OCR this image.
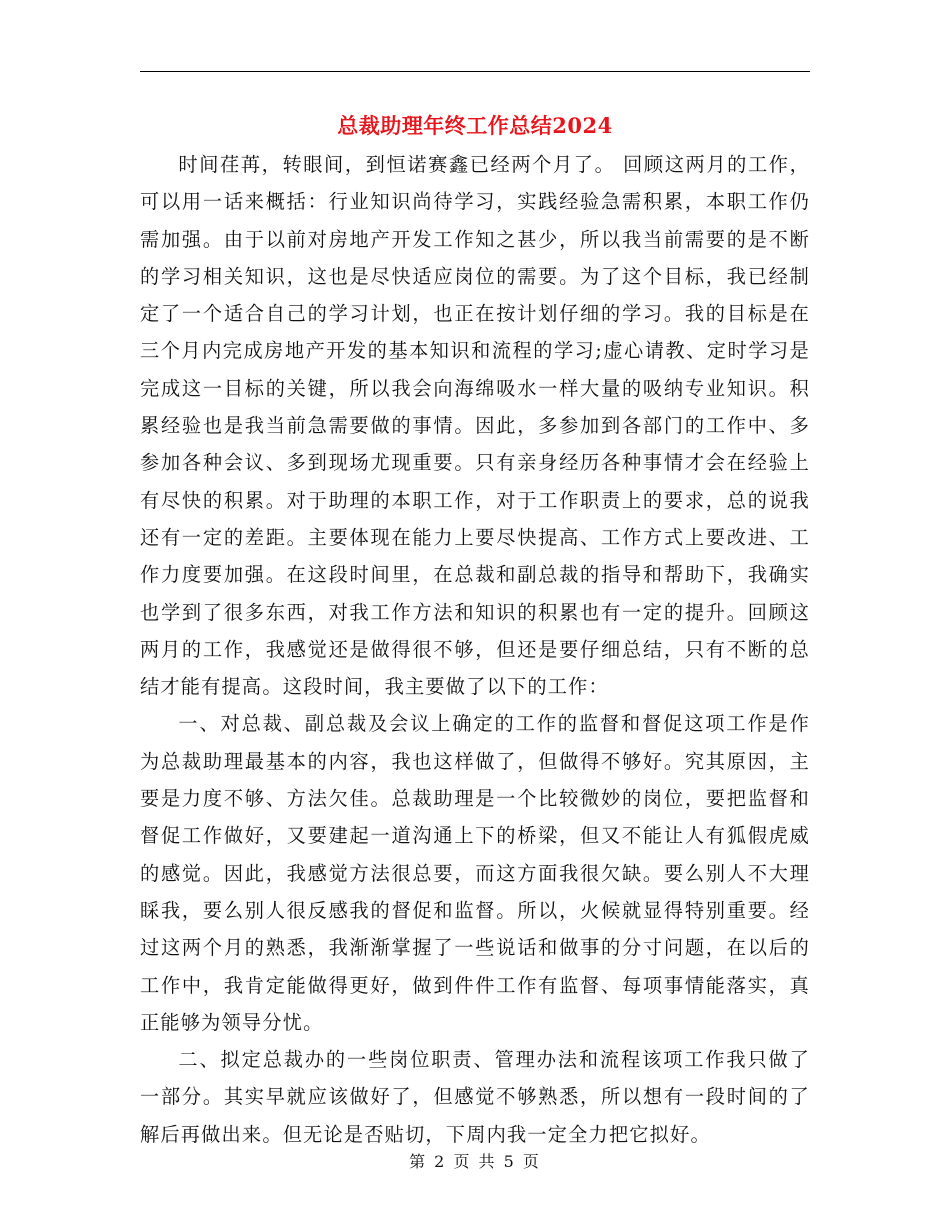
总裁助理年终工作总结2024

时间荏苒，转眼间，到恒诺赛鑫已经两个月了。 回顾这两月的工作，可以用一话来概括：行业知识尚待学习，实践经验急需积累，本职工作仍需加强。由于以前对房地产开发工作知之甚少，所以我当前需要的是不断的学习相关知识，这也是尽快适应岗位的需要。为了这个目标，我已经制定了一个适合自己的学习计划，也正在按计划仔细的学习。我的目标是在三个月内完成房地产开发的基本知识和流程的学习;虚心请教、定时学习是完成这一目标的关键，所以我会向海绵吸水一样大量的吸纳专业知识。积累经验也是我当前急需要做的事情。因此，多参加到各部门的工作中、多参加各种会议、多到现场尤现重要。只有亲身经历各种事情才会在经验上有尽快的积累。对于助理的本职工作，对于工作职责上的要求，总的说我还有一定的差距。主要体现在能力上要尽快提高、工作方式上要改进、工作力度要加强。在这段时间里，在总裁和副总裁的指导和帮助下，我确实也学到了很多东西，对我工作方法和知识的积累也有一定的提升。回顾这两月的工作，我感觉还是做得很不够，但还是要仔细总结，只有不断的总结才能有提高。这段时间，我主要做了以下的工作：

一、对总裁、副总裁及会议上确定的工作的监督和督促这项工作是作为总裁助理最基本的内容，我也这样做了，但做得不够好。究其原因，主要是力度不够、方法欠佳。总裁助理是一个比较微妙的岗位，要把监督和督促工作做好，又要建起一道沟通上下的桥梁，但又不能让人有狐假虎威的感觉。因此，我感觉方法很总要，而这方面我很欠缺。要么别人不大理睬我，要么别人很反感我的督促和监督。所以，火候就显得特别重要。经过这两个月的熟悉，我渐渐掌握了一些说话和做事的分寸问题，在以后的工作中，我肯定能做得更好，做到件件工作有监督、每项事情能落实，真正能够为领导分忧。

二、拟定总裁办的一些岗位职责、管理办法和流程该项工作我只做了一部分。其实早就应该做好了，但感觉不够熟悉，所以想有一段时间的了解后再做出来。但无论是否贴切，下周内我一定全力把它拟好。

第 2 页 共 5 页
